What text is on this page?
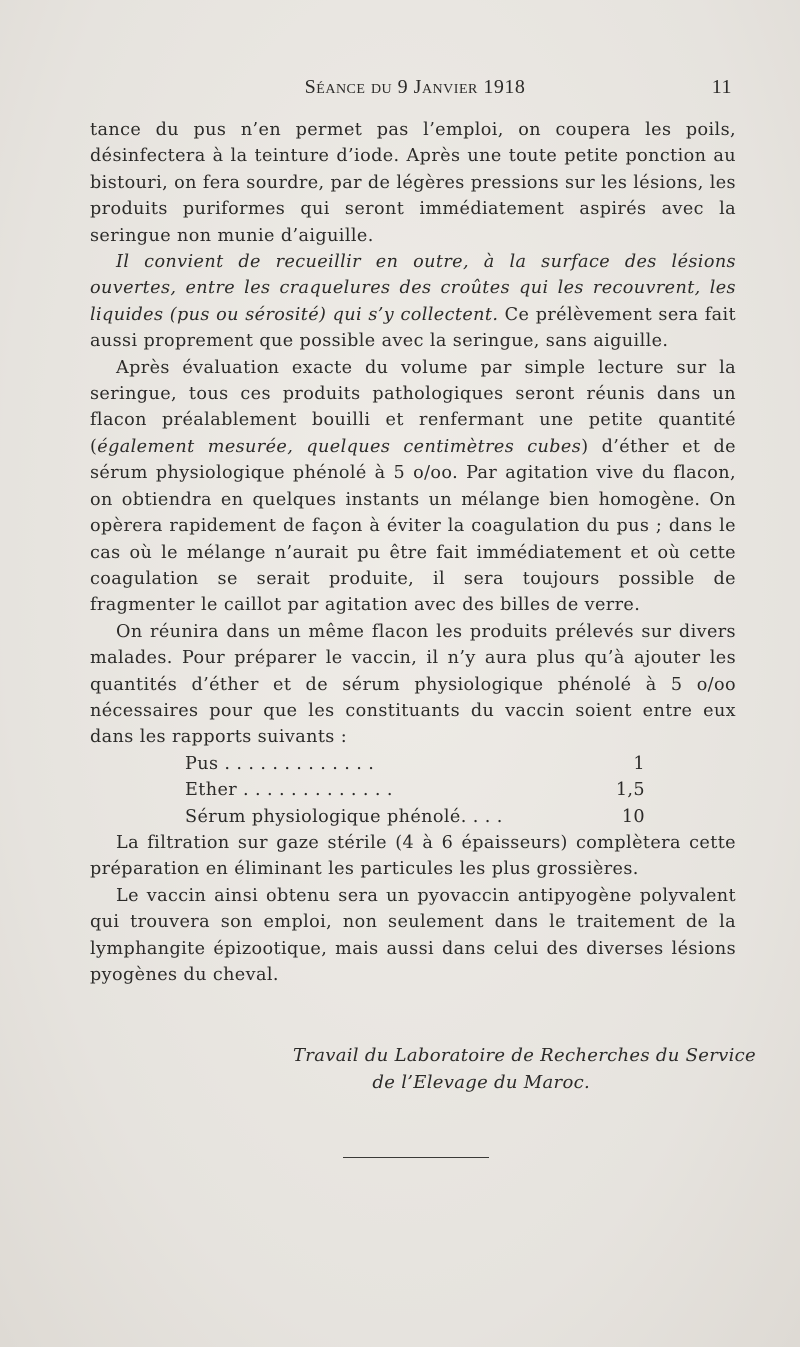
Séance du 9 Janvier 1918	11

tance du pus n’en permet pas l’emploi, on coupera les poils, désinfectera à la teinture d’iode. Après une toute petite ponction au bistouri, on fera sourdre, par de légères pressions sur les lésions, les produits puriformes qui seront immédiatement aspirés avec la seringue non munie d’aiguille.

Il convient de recueillir en outre, à la surface des lésions ouvertes, entre les craquelures des croûtes qui les recouvrent, les liquides (pus ou sérosité) qui s’y collectent. Ce prélèvement sera fait aussi proprement que possible avec la seringue, sans aiguille.

Après évaluation exacte du volume par simple lecture sur la seringue, tous ces produits pathologiques seront réunis dans un flacon préalablement bouilli et renfermant une petite quantité (également mesurée, quelques centimètres cubes) d’éther et de sérum physiologique phénolé à 5 o/oo. Par agitation vive du flacon, on obtiendra en quelques instants un mélange bien homogène. On opèrera rapidement de façon à éviter la coagulation du pus ; dans le cas où le mélange n’aurait pu être fait immédiatement et où cette coagulation se serait produite, il sera toujours possible de fragmenter le caillot par agitation avec des billes de verre.

On réunira dans un même flacon les produits prélevés sur divers malades. Pour préparer le vaccin, il n’y aura plus qu’à ajouter les quantités d’éther et de sérum physiologique phénolé à 5 o/oo nécessaires pour que les constituants du vaccin soient entre eux dans les rapports suivants :

Pus . . . . . . . . . . . . .	1
Ether . . . . . . . . . . . . .	1,5
Sérum physiologique phénolé. . . .	10

La filtration sur gaze stérile (4 à 6 épaisseurs) complètera cette préparation en éliminant les particules les plus grossières.

Le vaccin ainsi obtenu sera un pyovaccin antipyogène polyvalent qui trouvera son emploi, non seulement dans le traitement de la lymphangite épizootique, mais aussi dans celui des diverses lésions pyogènes du cheval.

Travail du Laboratoire de Recherches du Service
de l’Elevage du Maroc.
